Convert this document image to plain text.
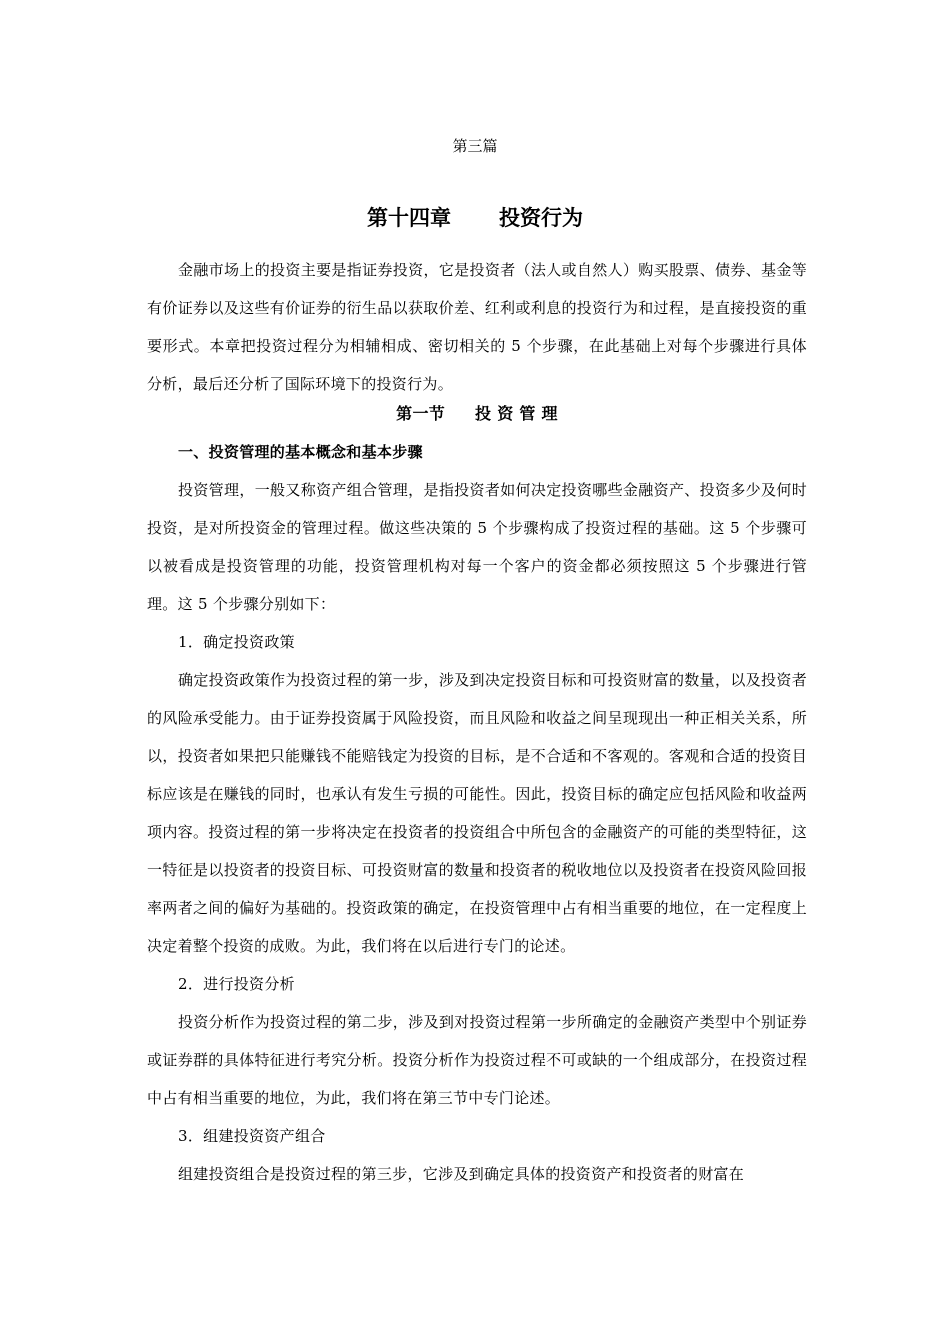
第三篇
第十四章 投资行为

金融市场上的投资主要是指证券投资，它是投资者（法人或自然人）购买股票、债券、基金等有价证券以及这些有价证券的衍生品以获取价差、红利或利息的投资行为和过程，是直接投资的重要形式。本章把投资过程分为相辅相成、密切相关的 5 个步骤，在此基础上对每个步骤进行具体分析，最后还分析了国际环境下的投资行为。

第一节 投 资 管 理

一、投资管理的基本概念和基本步骤

投资管理，一般又称资产组合管理，是指投资者如何决定投资哪些金融资产、投资多少及何时投资，是对所投资金的管理过程。做这些决策的 5 个步骤构成了投资过程的基础。这 5 个步骤可以被看成是投资管理的功能，投资管理机构对每一个客户的资金都必须按照这 5 个步骤进行管理。这 5 个步骤分别如下：

1．确定投资政策

确定投资政策作为投资过程的第一步，涉及到决定投资目标和可投资财富的数量，以及投资者的风险承受能力。由于证券投资属于风险投资，而且风险和收益之间呈现现出一种正相关关系，所以，投资者如果把只能赚钱不能赔钱定为投资的目标，是不合适和不客观的。客观和合适的投资目标应该是在赚钱的同时，也承认有发生亏损的可能性。因此，投资目标的确定应包括风险和收益两项内容。投资过程的第一步将决定在投资者的投资组合中所包含的金融资产的可能的类型特征，这一特征是以投资者的投资目标、可投资财富的数量和投资者的税收地位以及投资者在投资风险回报率两者之间的偏好为基础的。投资政策的确定，在投资管理中占有相当重要的地位，在一定程度上决定着整个投资的成败。为此，我们将在以后进行专门的论述。

2．进行投资分析

投资分析作为投资过程的第二步，涉及到对投资过程第一步所确定的金融资产类型中个别证券或证券群的具体特征进行考究分析。投资分析作为投资过程不可或缺的一个组成部分，在投资过程中占有相当重要的地位，为此，我们将在第三节中专门论述。

3．组建投资资产组合

组建投资组合是投资过程的第三步，它涉及到确定具体的投资资产和投资者的财富在
